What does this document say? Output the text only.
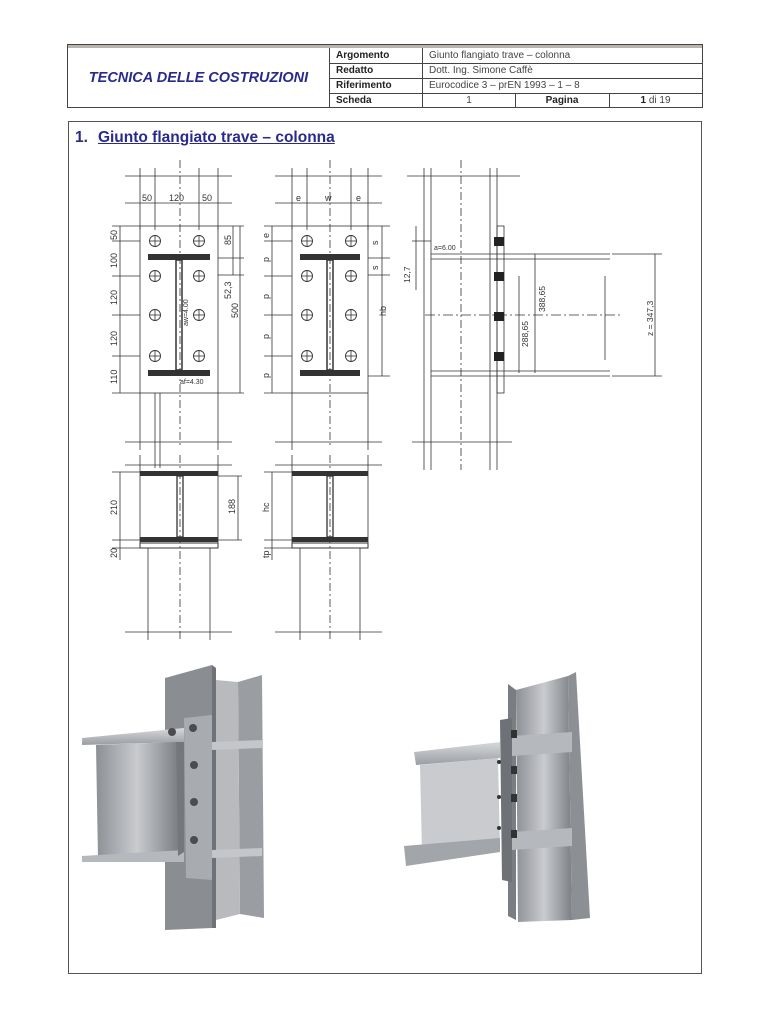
TECNICA DELLE COSTRUZIONI
Argomento	Giunto flangiato trave – colonna
Redatto	Dott. Ing. Simone Caffè
Riferimento	Eurocodice 3 – prEN 1993 – 1 – 8
Scheda	1	Pagina	1 di 19
1. Giunto flangiato trave – colonna
50 120 50
50
100
120
120
110
85
52,3
500
aw=4.00
af=4.30
e	w	e
e
p
p
p
p
s
s
hb
a=6.00
12,7
388,65
288,65	z = 347,3
210
20
188	hc
tp
